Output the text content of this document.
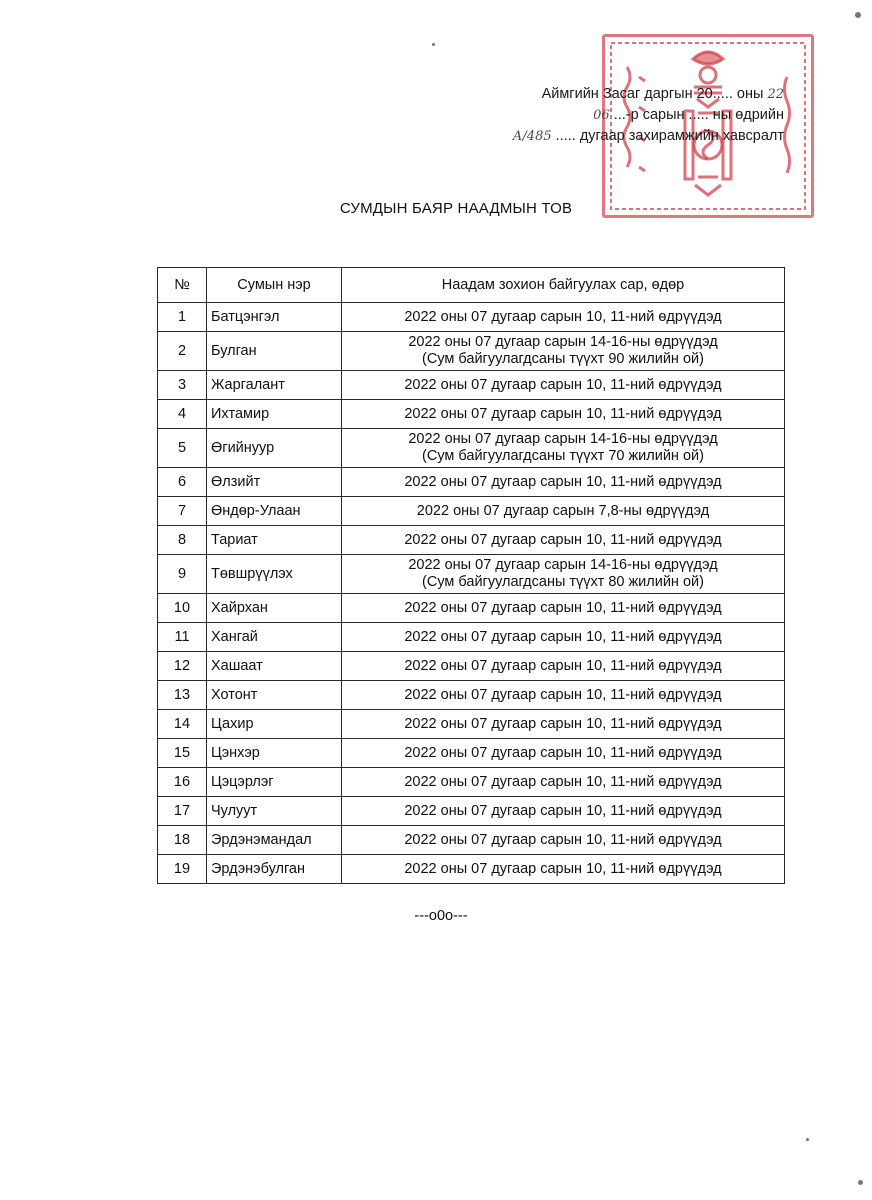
Аймгийн Засаг даргын 20..... оны 22
06 ...-р сарын ..... ны өдрийн
А/485 ..... дугаар захирамжийн хавсралт
СУМДЫН БАЯР НААДМЫН ТОВ
№	Сумын нэр	Наадам зохион байгуулах сар, өдөр
1	Батцэнгэл	2022 оны 07 дугаар сарын 10, 11-ний өдрүүдэд

2	Булган	2022 оны 07 дугаар сарын 14-16-ны өдрүүдэд
(Сум байгуулагдсаны түүхт 90 жилийн ой)

3	Жаргалант	2022 оны 07 дугаар сарын 10, 11-ний өдрүүдэд

4	Ихтамир	2022 оны 07 дугаар сарын 10, 11-ний өдрүүдэд

5	Өгийнуур	2022 оны 07 дугаар сарын 14-16-ны өдрүүдэд
(Сум байгуулагдсаны түүхт 70 жилийн ой)

6	Өлзийт	2022 оны 07 дугаар сарын 10, 11-ний өдрүүдэд

7	Өндөр-Улаан	2022 оны 07 дугаар сарын 7,8-ны өдрүүдэд

8	Тариат	2022 оны 07 дугаар сарын 10, 11-ний өдрүүдэд

9	Төвшрүүлэх	2022 оны 07 дугаар сарын 14-16-ны өдрүүдэд
(Сум байгуулагдсаны түүхт 80 жилийн ой)

10	Хайрхан	2022 оны 07 дугаар сарын 10, 11-ний өдрүүдэд

11	Хангай	2022 оны 07 дугаар сарын 10, 11-ний өдрүүдэд

12	Хашаат	2022 оны 07 дугаар сарын 10, 11-ний өдрүүдэд

13	Хотонт	2022 оны 07 дугаар сарын 10, 11-ний өдрүүдэд

14	Цахир	2022 оны 07 дугаар сарын 10, 11-ний өдрүүдэд

15	Цэнхэр	2022 оны 07 дугаар сарын 10, 11-ний өдрүүдэд

16	Цэцэрлэг	2022 оны 07 дугаар сарын 10, 11-ний өдрүүдэд

17	Чулуут	2022 оны 07 дугаар сарын 10, 11-ний өдрүүдэд

18	Эрдэнэмандал	2022 оны 07 дугаар сарын 10, 11-ний өдрүүдэд

19	Эрдэнэбулган	2022 оны 07 дугаар сарын 10, 11-ний өдрүүдэд
---o0o---
